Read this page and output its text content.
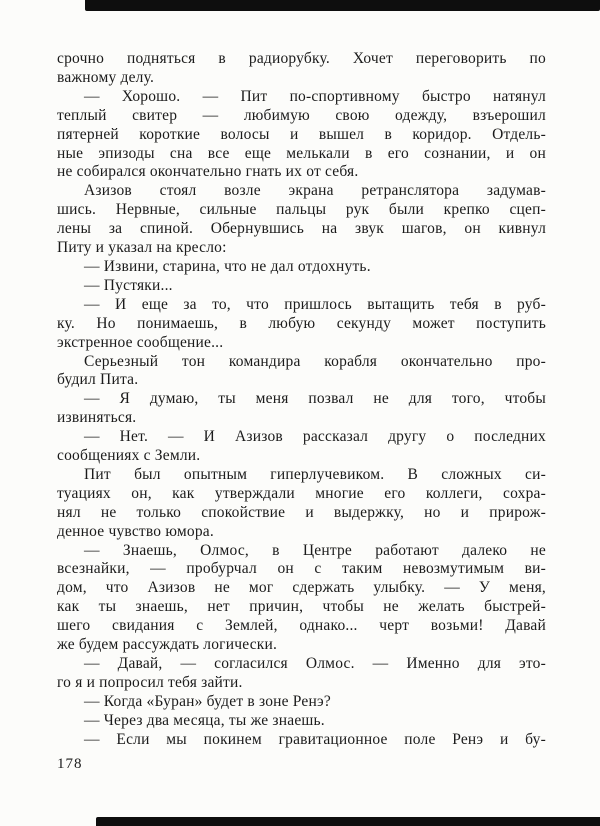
срочно подняться в радиорубку. Хочет переговорить по
важному делу.
— Хорошо. — Пит по-спортивному быстро натянул
теплый свитер — любимую свою одежду, взъерошил
пятерней короткие волосы и вышел в коридор. Отдель-
ные эпизоды сна все еще мелькали в его сознании, и он
не собирался окончательно гнать их от себя.
Азизов стоял возле экрана ретранслятора задумав-
шись. Нервные, сильные пальцы рук были крепко сцеп-
лены за спиной. Обернувшись на звук шагов, он кивнул
Питу и указал на кресло:
— Извини, старина, что не дал отдохнуть.
— Пустяки...
— И еще за то, что пришлось вытащить тебя в руб-
ку. Но понимаешь, в любую секунду может поступить
экстренное сообщение...
Серьезный тон командира корабля окончательно про-
будил Пита.
— Я думаю, ты меня позвал не для того, чтобы
извиняться.
— Нет. — И Азизов рассказал другу о последних
сообщениях с Земли.
Пит был опытным гиперлучевиком. В сложных си-
туациях он, как утверждали многие его коллеги, сохра-
нял не только спокойствие и выдержку, но и прирож-
денное чувство юмора.
— Знаешь, Олмос, в Центре работают далеко не
всезнайки, — пробурчал он с таким невозмутимым ви-
дом, что Азизов не мог сдержать улыбку. — У меня,
как ты знаешь, нет причин, чтобы не желать быстрей-
шего свидания с Землей, однако... черт возьми! Давай
же будем рассуждать логически.
— Давай, — согласился Олмос. — Именно для это-
го я и попросил тебя зайти.
— Когда «Буран» будет в зоне Ренэ?
— Через два месяца, ты же знаешь.
— Если мы покинем гравитационное поле Ренэ и бу-
178
